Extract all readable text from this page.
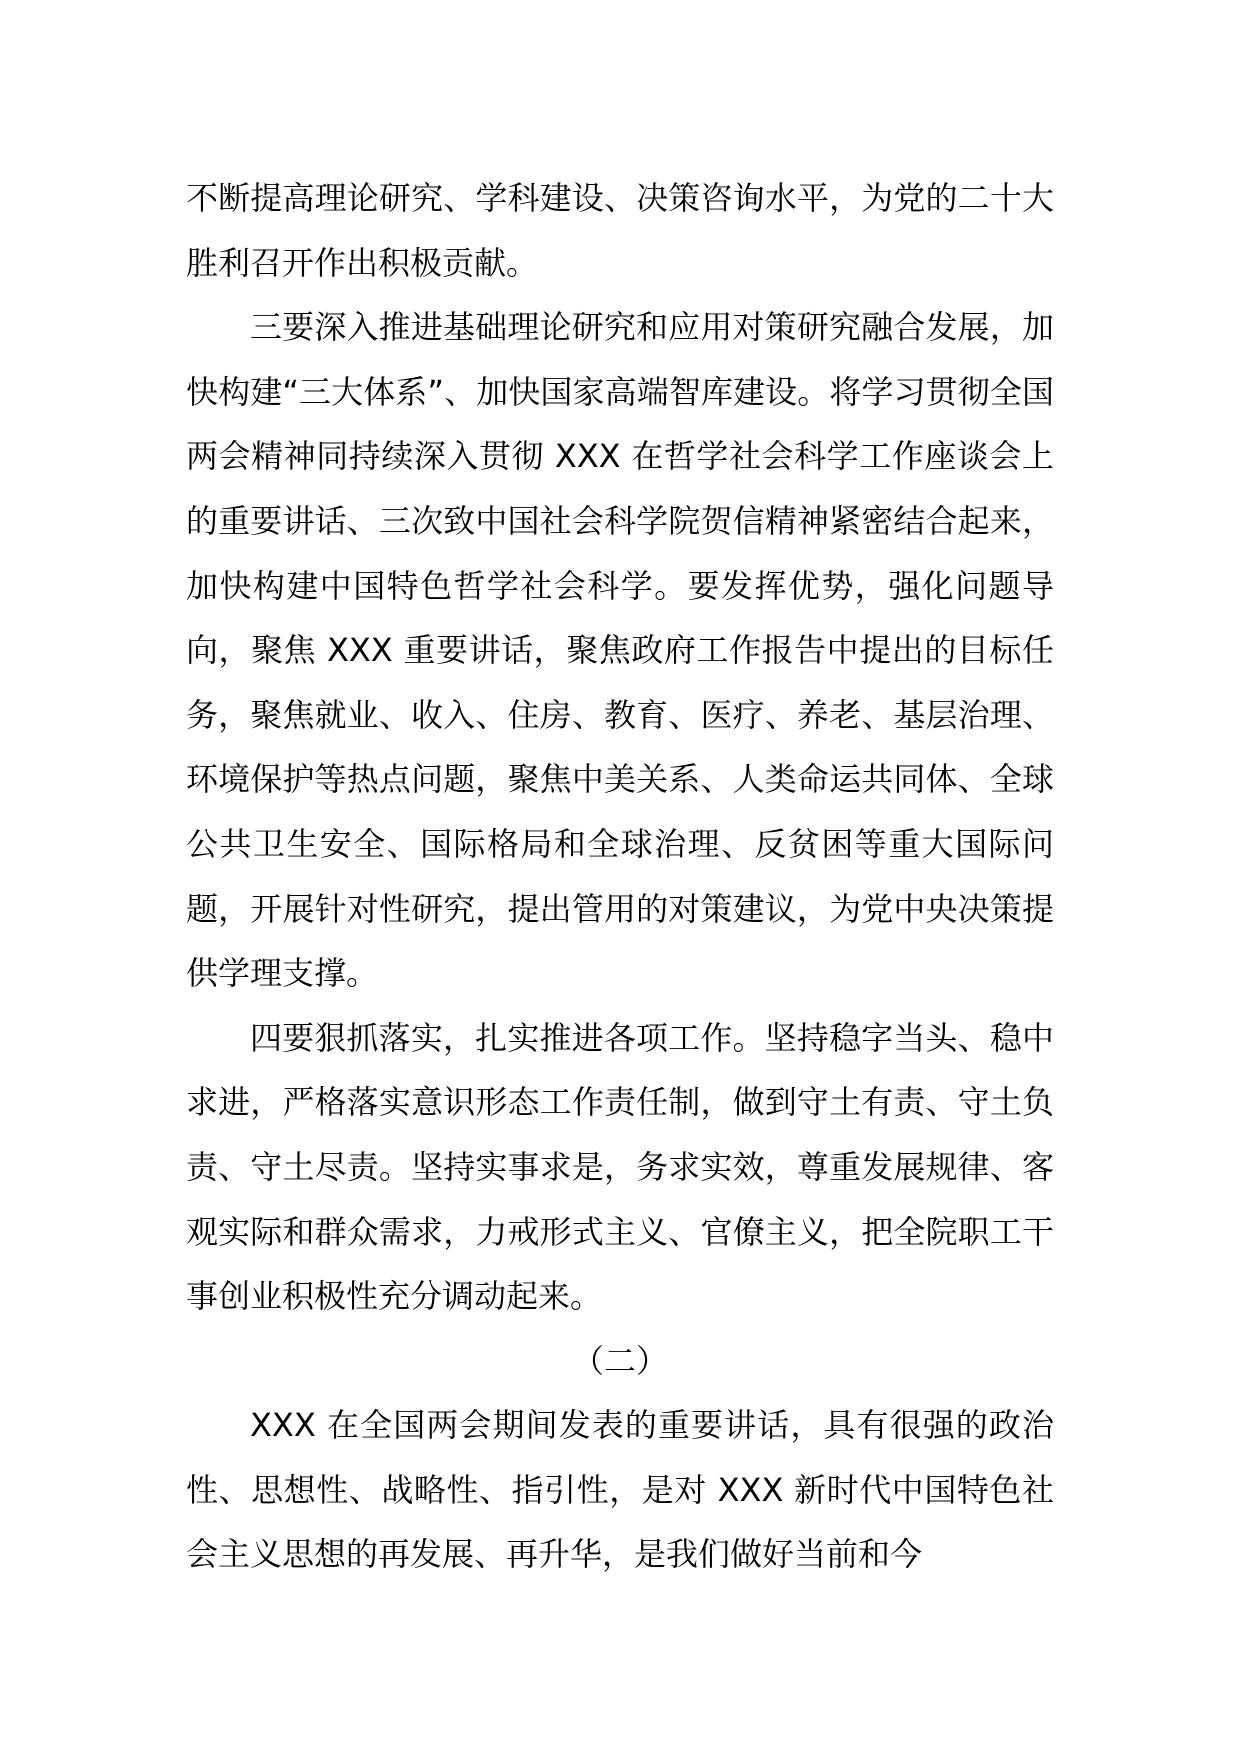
不断提高理论研究、学科建设、决策咨询水平，为党的二十大胜利召开作出积极贡献。

三要深入推进基础理论研究和应用对策研究融合发展，加快构建“三大体系”、加快国家高端智库建设。将学习贯彻全国两会精神同持续深入贯彻 XXX 在哲学社会科学工作座谈会上的重要讲话、三次致中国社会科学院贺信精神紧密结合起来，加快构建中国特色哲学社会科学。要发挥优势，强化问题导向，聚焦 XXX 重要讲话，聚焦政府工作报告中提出的目标任务，聚焦就业、收入、住房、教育、医疗、养老、基层治理、环境保护等热点问题，聚焦中美关系、人类命运共同体、全球公共卫生安全、国际格局和全球治理、反贫困等重大国际问题，开展针对性研究，提出管用的对策建议，为党中央决策提供学理支撑。

四要狠抓落实，扎实推进各项工作。坚持稳字当头、稳中求进，严格落实意识形态工作责任制，做到守土有责、守土负责、守土尽责。坚持实事求是，务求实效，尊重发展规律、客观实际和群众需求，力戒形式主义、官僚主义，把全院职工干事创业积极性充分调动起来。

（二）

XXX 在全国两会期间发表的重要讲话，具有很强的政治性、思想性、战略性、指引性，是对 XXX 新时代中国特色社会主义思想的再发展、再升华，是我们做好当前和今
